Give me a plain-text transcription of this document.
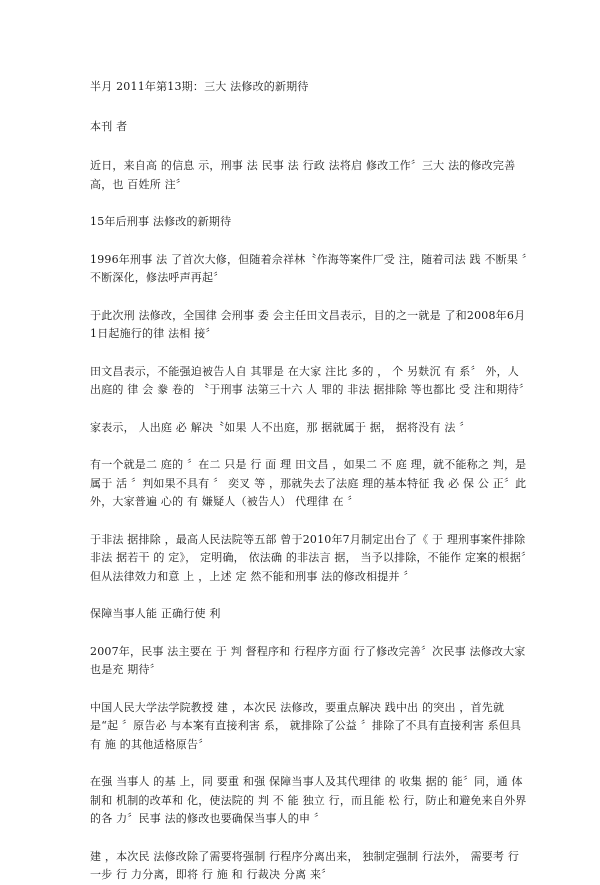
半月 2011年第13期：三大 法修改的新期待

本刊 者

近日，来自高 的信息 示，刑事 法 民事 法 行政 法将启 修改工作〞三大 法的修改完善 高，也 百姓所 注〞

15年后刑事 法修改的新期待

1996年刑事 法 了首次大修，但随着佘祥林〝作海等案件厂受 注，随着司法 践 不断果 〞不断深化，修法呼声再起〞

于此次刑 法修改，全国律 会刑事 委 会主任田文昌表示，目的之一就是 了和2008年6月1日起施行的律 法相 接〞

田文昌表示，不能强迫被告人自 其罪是 在大家 注比 多的 ， 个 另麩沉 有 系〞 外，人出庭的 律 会 豢 卷的 〝于刑事 法第三十六 人 罪的 非法 据排除 等也都比 受 注和期待〞

家表示， 人出庭 必 解决〝如果 人不出庭，那 据就属于 据， 据将没有 法 〞

有一个就是二 庭的 〞在二 只是 行 面 理 田文昌 ，如果二 不 庭 理，就不能称之 判，是属于 活 〞判如果不具有 〞 奕叉 等 ，那就失去了法庭 理的基本特征 我 必 保 公 正〞此外，大家普遍 心的 有 嫌疑人（被告人） 代理律 在 〞

于非法 据排除 ，最高人民法院等五部 曾于2010年7月制定出台了《 于 理刑事案件排除非法 据若干 的 定》， 定明确， 依法确 的非法言 据， 当予以排除，不能作 定案的根据〞但从法律效力和意 上 ，上述 定 然不能和刑事 法的修改相提并 〞

保障当事人能 正确行使 利

2007年，民事 法主要在 于 判 督程序和 行程序方面 行了修改完善〞次民事 法修改大家也是充 期待〞

中国人民大学法学院教授 建 ，本次民 法修改，要重点解决 践中出 的突出 ，首先就是“起 〞原告必 与本案有直接利害 系， 就排除了公益 〞排除了不具有直接利害 系但具有 施 的其他适格原告〞

在强 当事人 的基 上，同 要重 和强 保障当事人及其代理律 的 收集 据的 能〞同，通 体制和 机制的改革和 化，使法院的 判 不 能 独立 行，而且能 松 行，防止和避免来自外界的各 力〞民事 法的修改也要确保当事人的申 〞

建 ，本次民 法修改除了需要将强制 行程序分离出来， 独制定强制 行法外， 需要考 行 一步 行 力分离，即将 行 施 和 行裁决 分离 来〞
